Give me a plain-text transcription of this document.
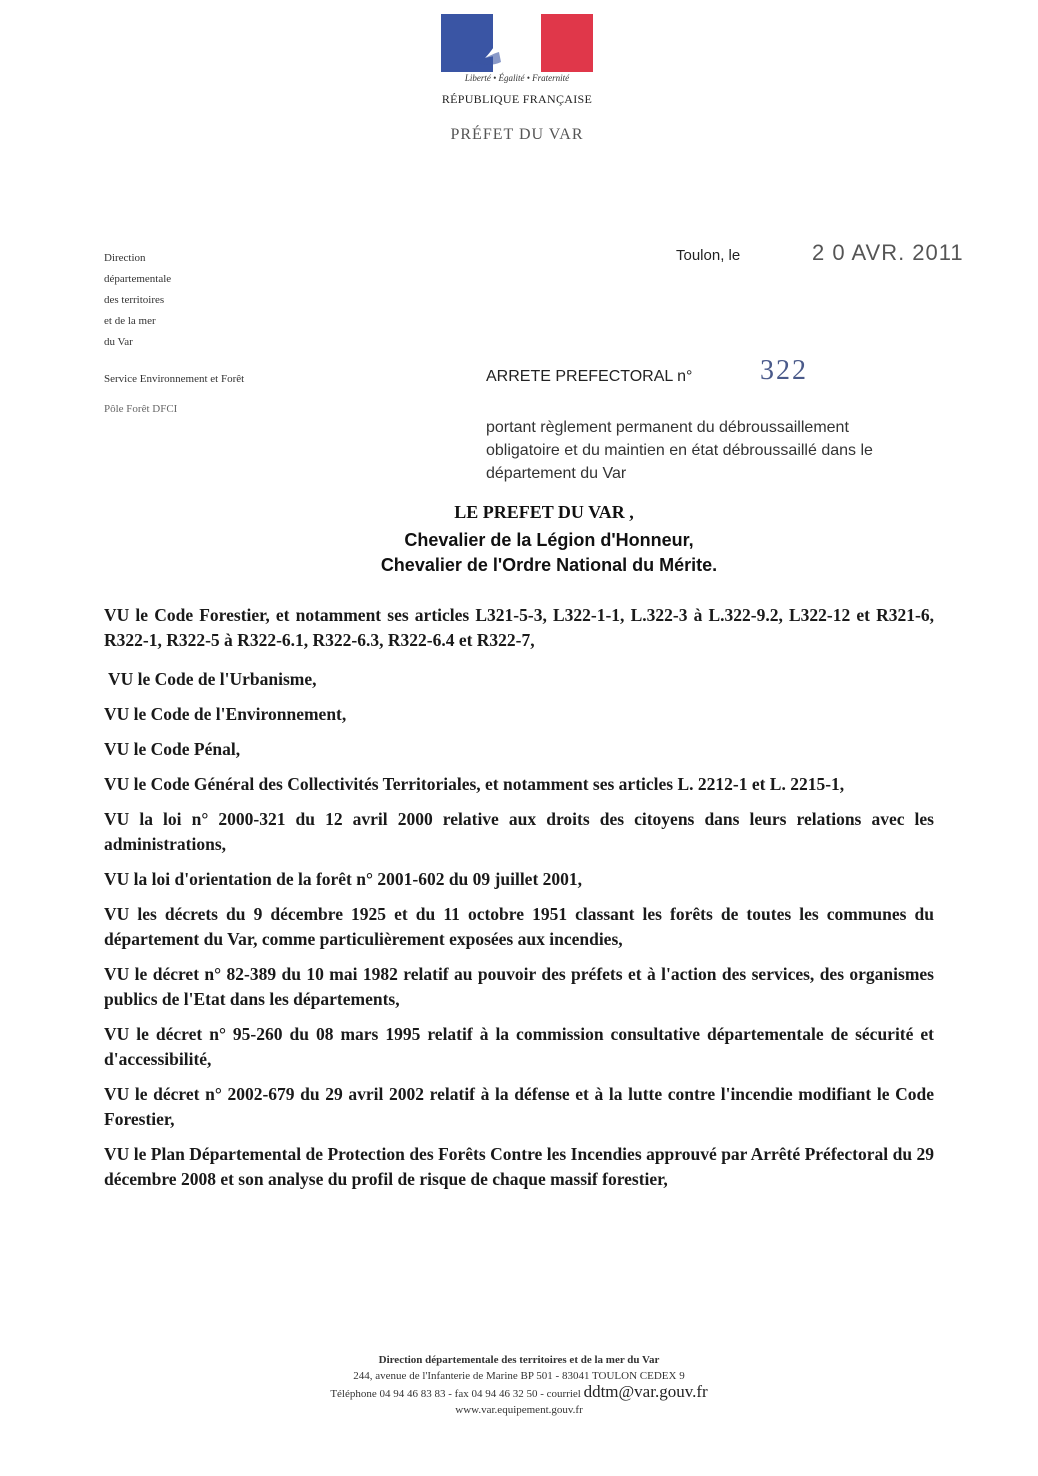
Liberté • Égalité • Fraternité
RÉPUBLIQUE FRANÇAISE
PRÉFET DU VAR
Direction
départementale
des territoires
et de la mer
du Var
Service Environnement et Forêt
Pôle Forêt DFCI
Toulon, le	2 0 AVR. 2011
ARRETE PREFECTORAL n° 322
portant règlement permanent du débroussaillement obligatoire et du maintien en état débroussaillé dans le département du Var
LE PREFET DU VAR ,
Chevalier de la Légion d'Honneur,
Chevalier de l'Ordre National du Mérite.

VU le Code Forestier, et notamment ses articles L321-5-3, L322-1-1, L.322-3 à L.322-9.2, L322-12 et R321-6, R322-1, R322-5 à R322-6.1, R322-6.3, R322-6.4 et R322-7,

VU le Code de l'Urbanisme,

VU le Code de l'Environnement,

VU le Code Pénal,

VU le Code Général des Collectivités Territoriales, et notamment ses articles L. 2212-1 et L. 2215-1,

VU la loi n° 2000-321 du 12 avril 2000 relative aux droits des citoyens dans leurs relations avec les administrations,

VU la loi d'orientation de la forêt n° 2001-602 du 09 juillet 2001,

VU les décrets du 9 décembre 1925 et du 11 octobre 1951 classant les forêts de toutes les communes du département du Var, comme particulièrement exposées aux incendies,

VU le décret n° 82-389 du 10 mai 1982 relatif au pouvoir des préfets et à l'action des services, des organismes publics de l'Etat dans les départements,

VU le décret n° 95-260 du 08 mars 1995 relatif à la commission consultative départementale de sécurité et d'accessibilité,

VU le décret n° 2002-679 du 29 avril 2002 relatif à la défense et à la lutte contre l'incendie modifiant le Code Forestier,

VU le Plan Départemental de Protection des Forêts Contre les Incendies approuvé par Arrêté Préfectoral du 29 décembre 2008 et son analyse du profil de risque de chaque massif forestier,

Direction départementale des territoires et de la mer du Var
244, avenue de l'Infanterie de Marine BP 501 - 83041 TOULON CEDEX 9
Téléphone 04 94 46 83 83 - fax 04 94 46 32 50 - courriel ddtm@var.gouv.fr
www.var.equipement.gouv.fr
